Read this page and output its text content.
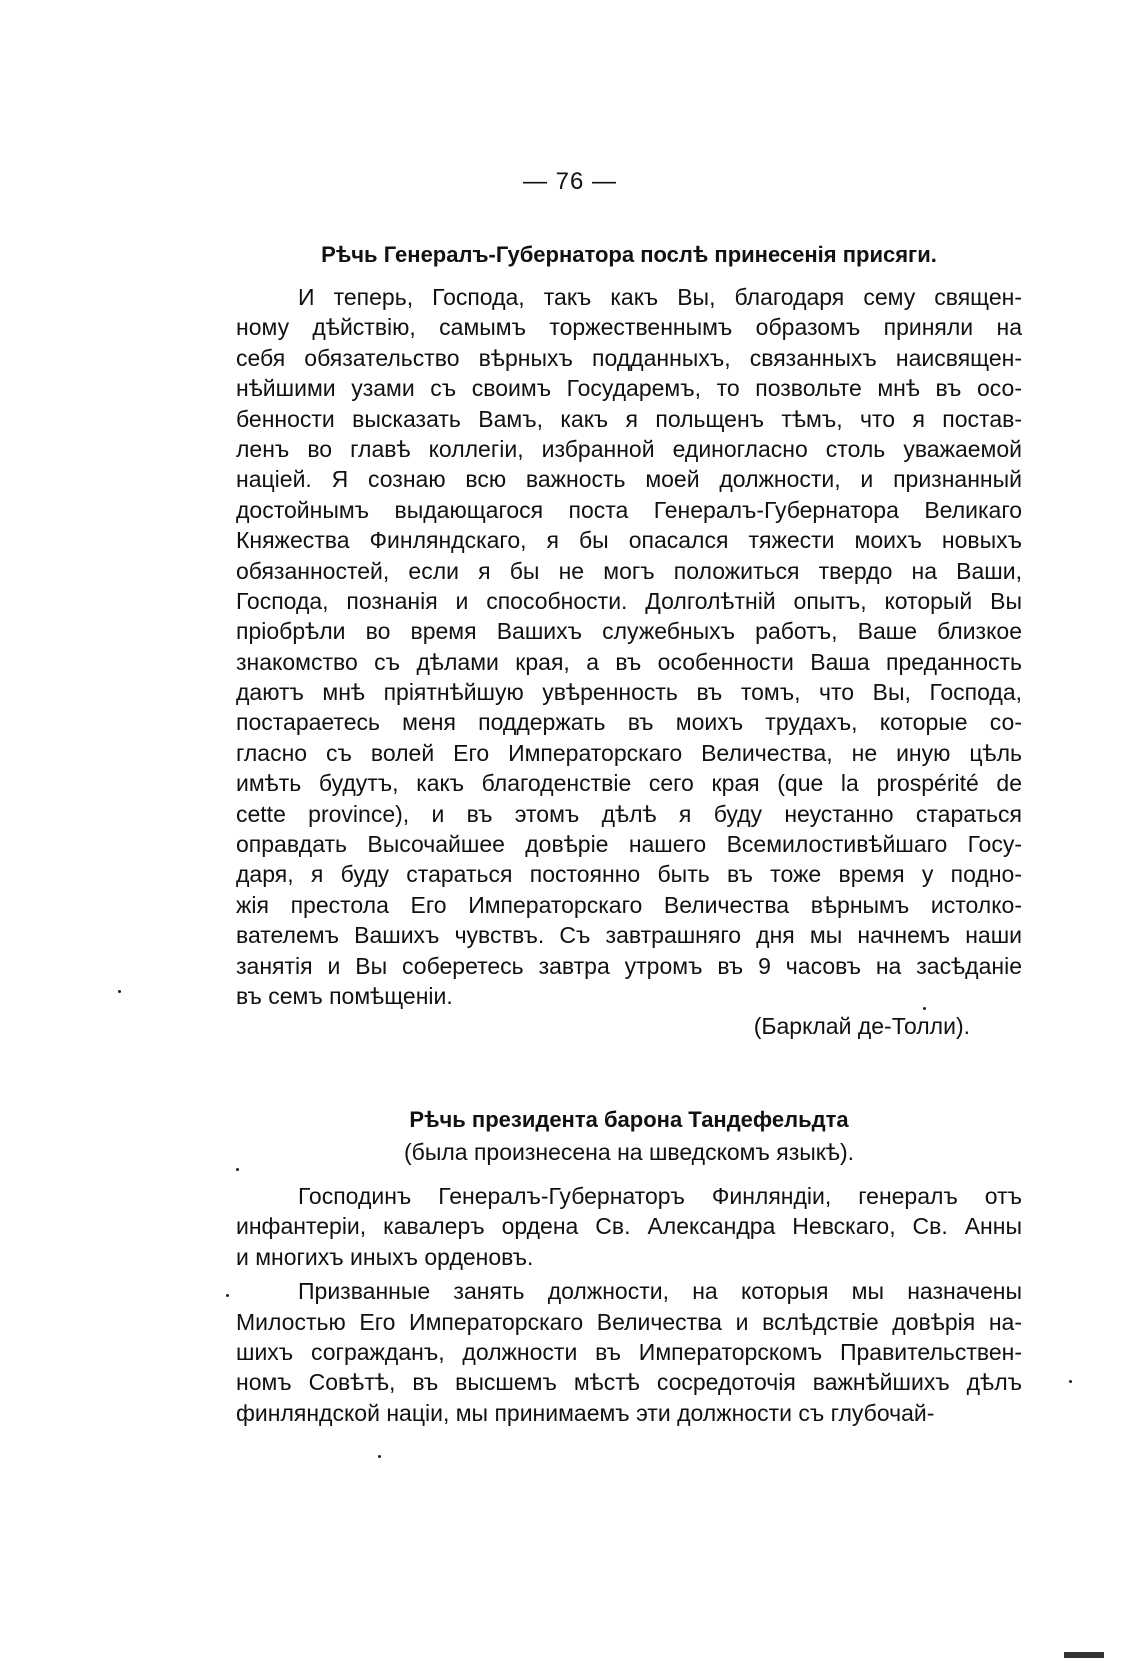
— 76 —
Рѣчь Генералъ-Губернатора послѣ принесенія присяги.
И теперь, Господа, такъ какъ Вы, благодаря сему священ-
ному дѣйствію, самымъ торжественнымъ образомъ приняли на
себя обязательство вѣрныхъ подданныхъ, связанныхъ наисвящен-
нѣйшими узами съ своимъ Государемъ, то позвольте мнѣ въ осо-
бенности высказать Вамъ, какъ я польщенъ тѣмъ, что я постав-
ленъ во главѣ коллегіи, избранной единогласно столь уважаемой
націей. Я сознаю всю важность моей должности, и признанный
достойнымъ выдающагося поста Генералъ-Губернатора Великаго
Княжества Финляндскаго, я бы опасался тяжести моихъ новыхъ
обязанностей, если я бы не могъ положиться твердо на Ваши,
Господа, познанія и способности. Долголѣтній опытъ, который Вы
пріобрѣли во время Вашихъ служебныхъ работъ, Ваше близкое
знакомство съ дѣлами края, а въ особенности Ваша преданность
даютъ мнѣ пріятнѣйшую увѣренность въ томъ, что Вы, Господа,
постараетесь меня поддержать въ моихъ трудахъ, которые со-
гласно съ волей Его Императорскаго Величества, не иную цѣль
имѣть будутъ, какъ благоденствіе сего края (que la prospérité de
cette province), и въ этомъ дѣлѣ я буду неустанно стараться
оправдать Высочайшее довѣріе нашего Всемилостивѣйшаго Госу-
даря, я буду стараться постоянно быть въ тоже время у подно-
жія престола Его Императорскаго Величества вѣрнымъ истолко-
вателемъ Вашихъ чувствъ. Съ завтрашняго дня мы начнемъ наши
занятія и Вы соберетесь завтра утромъ въ 9 часовъ на засѣданіе
въ семъ помѣщеніи.
(Барклай де-Толли).
Рѣчь президента барона Тандефельдта
(была произнесена на шведскомъ языкѣ).
Господинъ Генералъ-Губернаторъ Финляндіи, генералъ отъ
инфантеріи, кавалеръ ордена Св. Александра Невскаго, Св. Анны
и многихъ иныхъ орденовъ.
Призванные занять должности, на которыя мы назначены
Милостью Его Императорскаго Величества и вслѣдствіе довѣрія на-
шихъ согражданъ, должности въ Императорскомъ Правительствен-
номъ Совѣтѣ, въ высшемъ мѣстѣ сосредоточія важнѣйшихъ дѣлъ
финляндской націи, мы принимаемъ эти должности съ глубочай-
